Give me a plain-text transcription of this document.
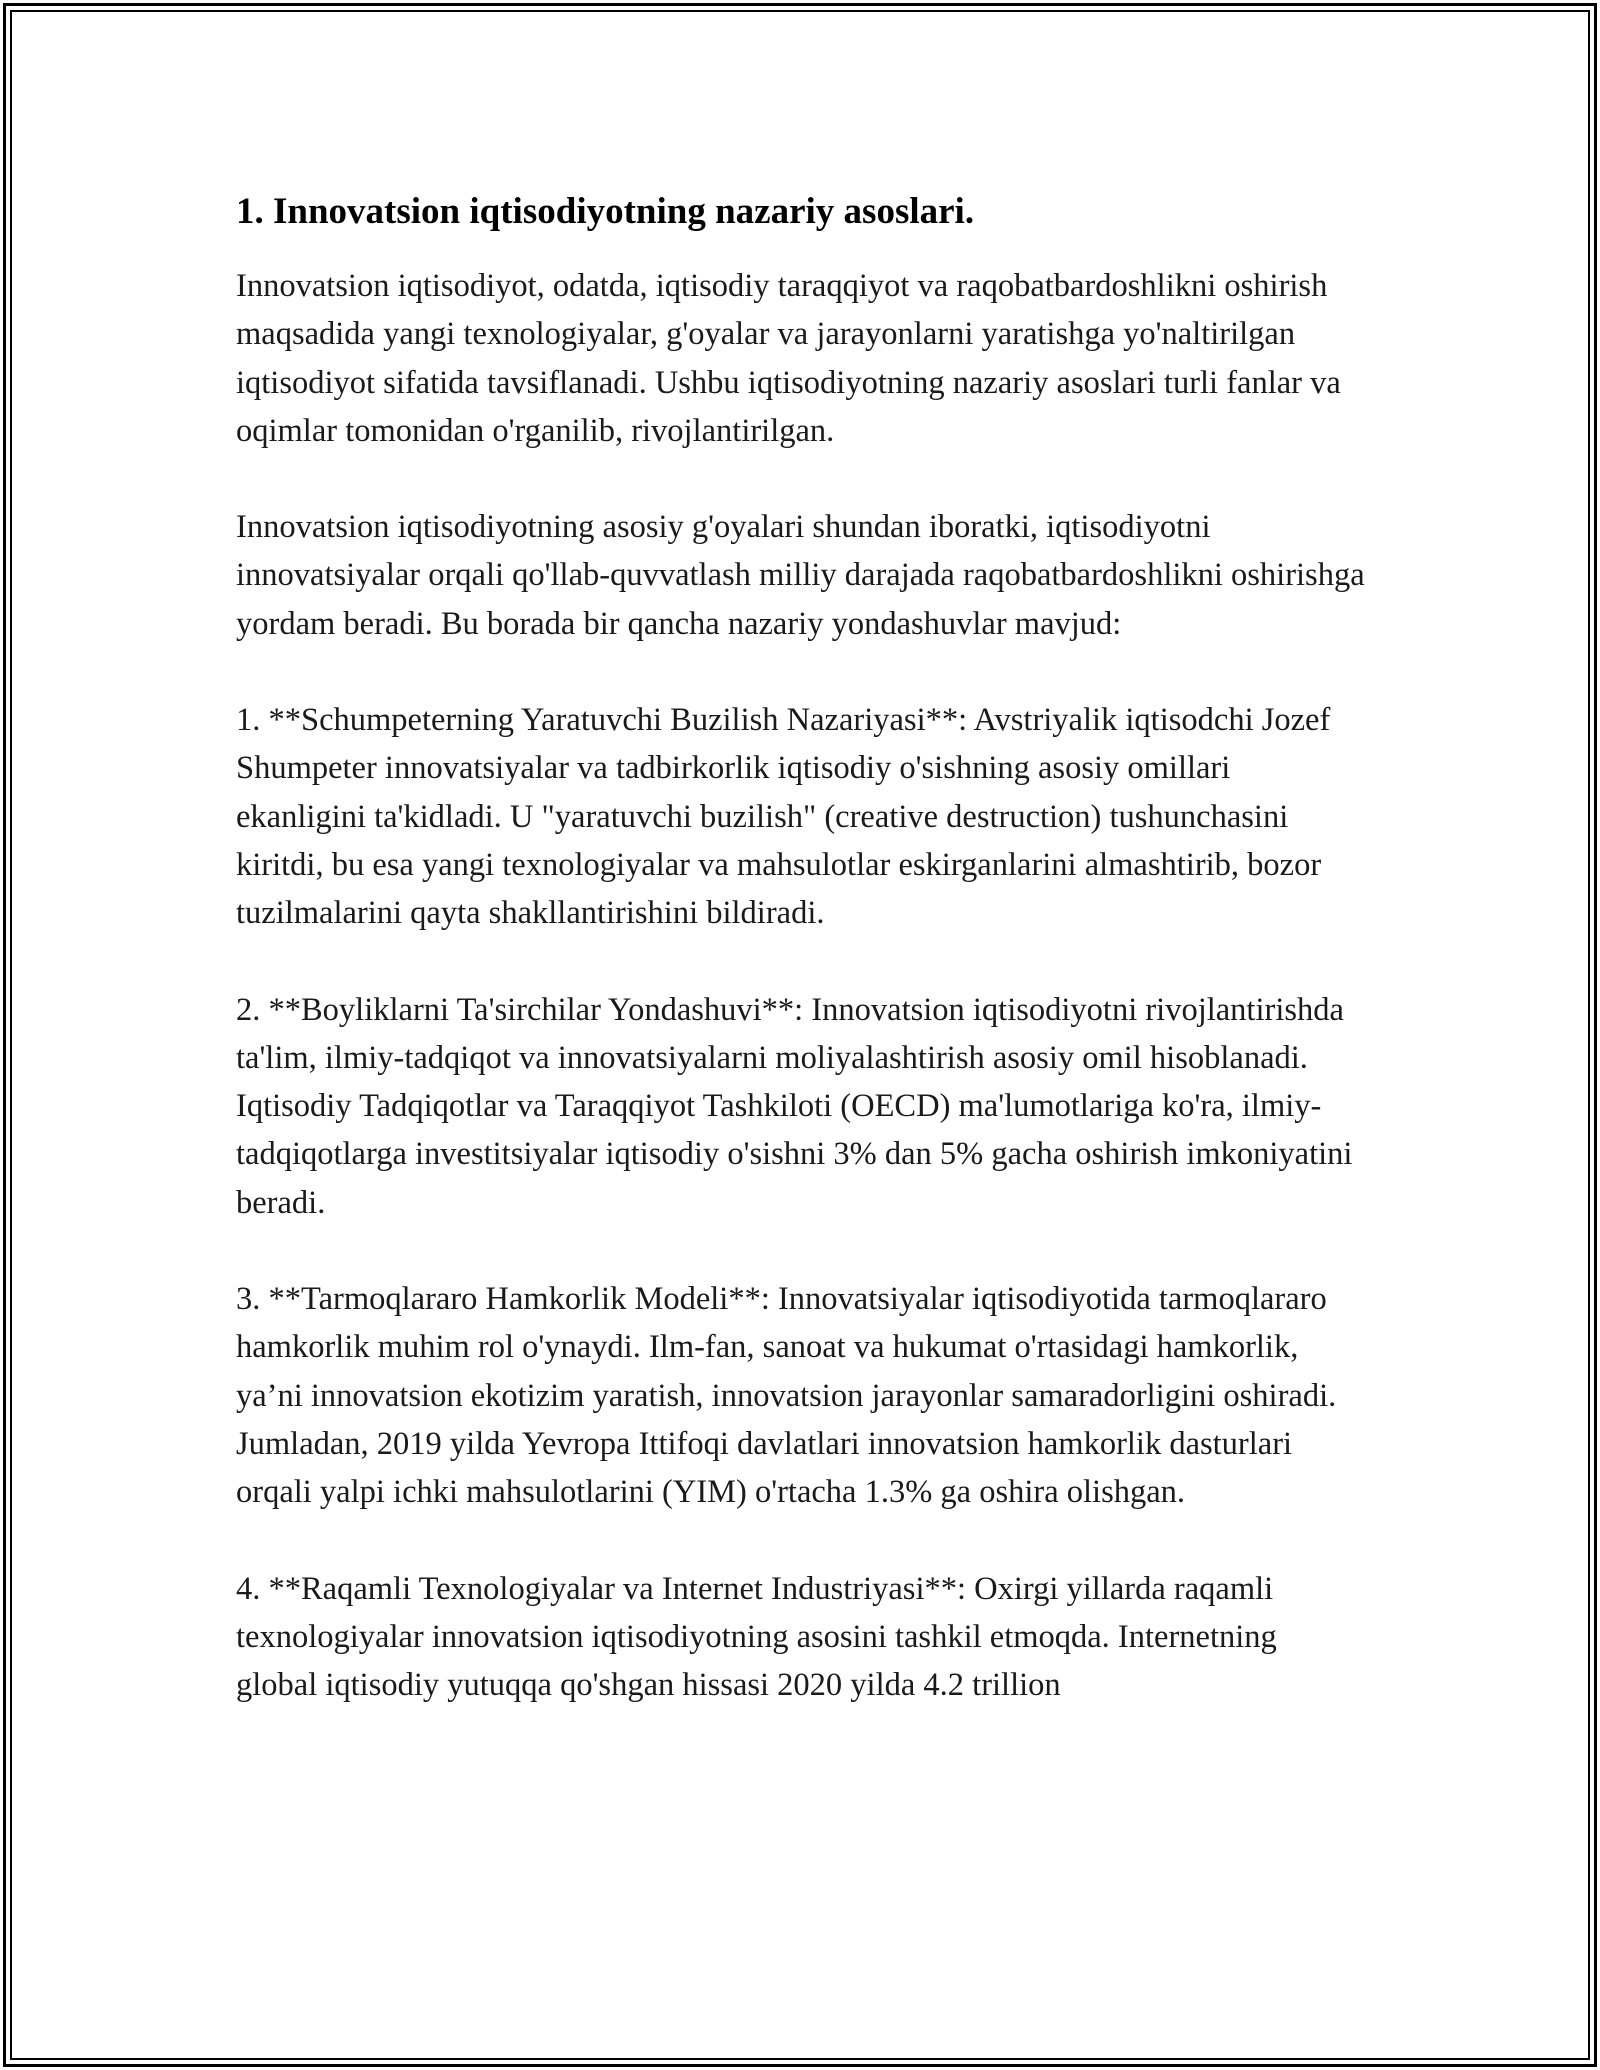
1. Innovatsion iqtisodiyotning nazariy asoslari.

Innovatsion iqtisodiyot, odatda, iqtisodiy taraqqiyot va raqobatbardoshlikni oshirish maqsadida yangi texnologiyalar, g'oyalar va jarayonlarni yaratishga yo'naltirilgan iqtisodiyot sifatida tavsiflanadi. Ushbu iqtisodiyotning nazariy asoslari turli fanlar va oqimlar tomonidan o'rganilib, rivojlantirilgan.

Innovatsion iqtisodiyotning asosiy g'oyalari shundan iboratki, iqtisodiyotni innovatsiyalar orqali qo'llab-quvvatlash milliy darajada raqobatbardoshlikni oshirishga yordam beradi. Bu borada bir qancha nazariy yondashuvlar mavjud:

1. **Schumpeterning Yaratuvchi Buzilish Nazariyasi**: Avstriyalik iqtisodchi Jozef Shumpeter innovatsiyalar va tadbirkorlik iqtisodiy o'sishning asosiy omillari ekanligini ta'kidladi. U "yaratuvchi buzilish" (creative destruction) tushunchasini kiritdi, bu esa yangi texnologiyalar va mahsulotlar eskirganlarini almashtirib, bozor tuzilmalarini qayta shakllantirishini bildiradi.

2. **Boyliklarni Ta'sirchilar Yondashuvi**: Innovatsion iqtisodiyotni rivojlantirishda ta'lim, ilmiy-tadqiqot va innovatsiyalarni moliyalashtirish asosiy omil hisoblanadi. Iqtisodiy Tadqiqotlar va Taraqqiyot Tashkiloti (OECD) ma'lumotlariga ko'ra, ilmiy-tadqiqotlarga investitsiyalar iqtisodiy o'sishni 3% dan 5% gacha oshirish imkoniyatini beradi.

3. **Tarmoqlararo Hamkorlik Modeli**: Innovatsiyalar iqtisodiyotida tarmoqlararo hamkorlik muhim rol o'ynaydi. Ilm-fan, sanoat va hukumat o'rtasidagi hamkorlik, ya’ni innovatsion ekotizim yaratish, innovatsion jarayonlar samaradorligini oshiradi. Jumladan, 2019 yilda Yevropa Ittifoqi davlatlari innovatsion hamkorlik dasturlari orqali yalpi ichki mahsulotlarini (YIM) o'rtacha 1.3% ga oshira olishgan.

4. **Raqamli Texnologiyalar va Internet Industriyasi**: Oxirgi yillarda raqamli texnologiyalar innovatsion iqtisodiyotning asosini tashkil etmoqda. Internetning global iqtisodiy yutuqqa qo'shgan hissasi 2020 yilda 4.2 trillion
